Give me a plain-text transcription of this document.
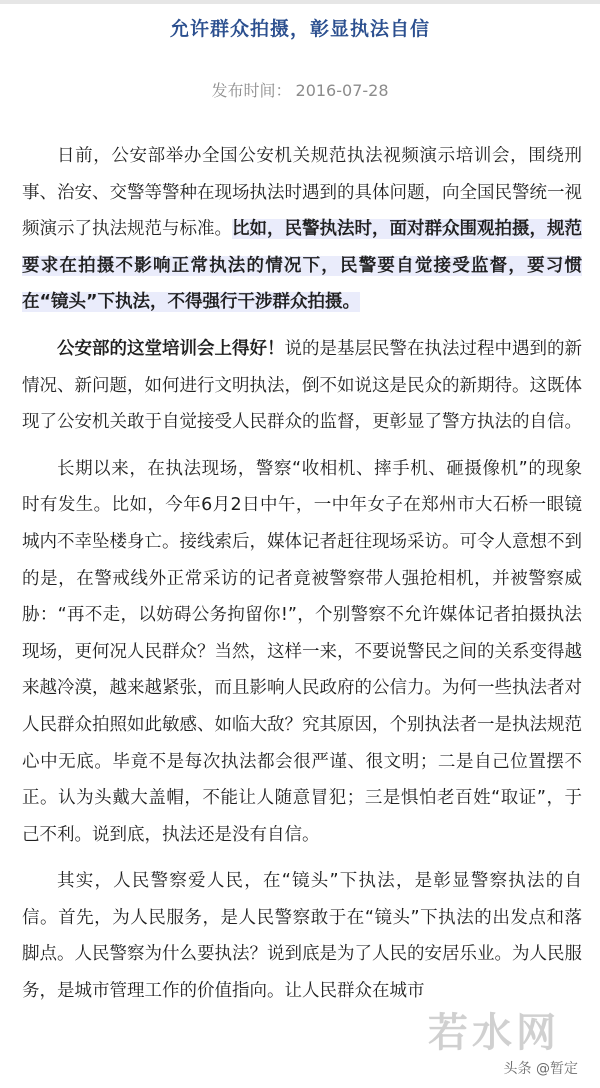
允许群众拍摄，彰显执法自信
发布时间： 2016-07-28

日前，公安部举办全国公安机关规范执法视频演示培训会，围绕刑事、治安、交警等警种在现场执法时遇到的具体问题，向全国民警统一视频演示了执法规范与标准。比如，民警执法时，面对群众围观拍摄，规范要求在拍摄不影响正常执法的情况下，民警要自觉接受监督，要习惯在“镜头”下执法，不得强行干涉群众拍摄。

公安部的这堂培训会上得好！说的是基层民警在执法过程中遇到的新情况、新问题，如何进行文明执法，倒不如说这是民众的新期待。这既体现了公安机关敢于自觉接受人民群众的监督，更彰显了警方执法的自信。

长期以来，在执法现场，警察“收相机、摔手机、砸摄像机”的现象时有发生。比如，今年6月2日中午，一中年女子在郑州市大石桥一眼镜城内不幸坠楼身亡。接线索后，媒体记者赶往现场采访。可令人意想不到的是，在警戒线外正常采访的记者竟被警察带人强抢相机，并被警察威胁：“再不走，以妨碍公务拘留你!”，个别警察不允许媒体记者拍摄执法现场，更何况人民群众？当然，这样一来，不要说警民之间的关系变得越来越冷漠，越来越紧张，而且影响人民政府的公信力。为何一些执法者对人民群众拍照如此敏感、如临大敌？究其原因，个别执法者一是执法规范心中无底。毕竟不是每次执法都会很严谨、很文明；二是自己位置摆不正。认为头戴大盖帽，不能让人随意冒犯；三是惧怕老百姓“取证”，于己不利。说到底，执法还是没有自信。

其实，人民警察爱人民，在“镜头”下执法，是彰显警察执法的自信。首先，为人民服务，是人民警察敢于在“镜头”下执法的出发点和落脚点。人民警察为什么要执法？说到底是为了人民的安居乐业。为人民服务，是城市管理工作的价值指向。让人民群众在城市

若水网
头条 @暂定
